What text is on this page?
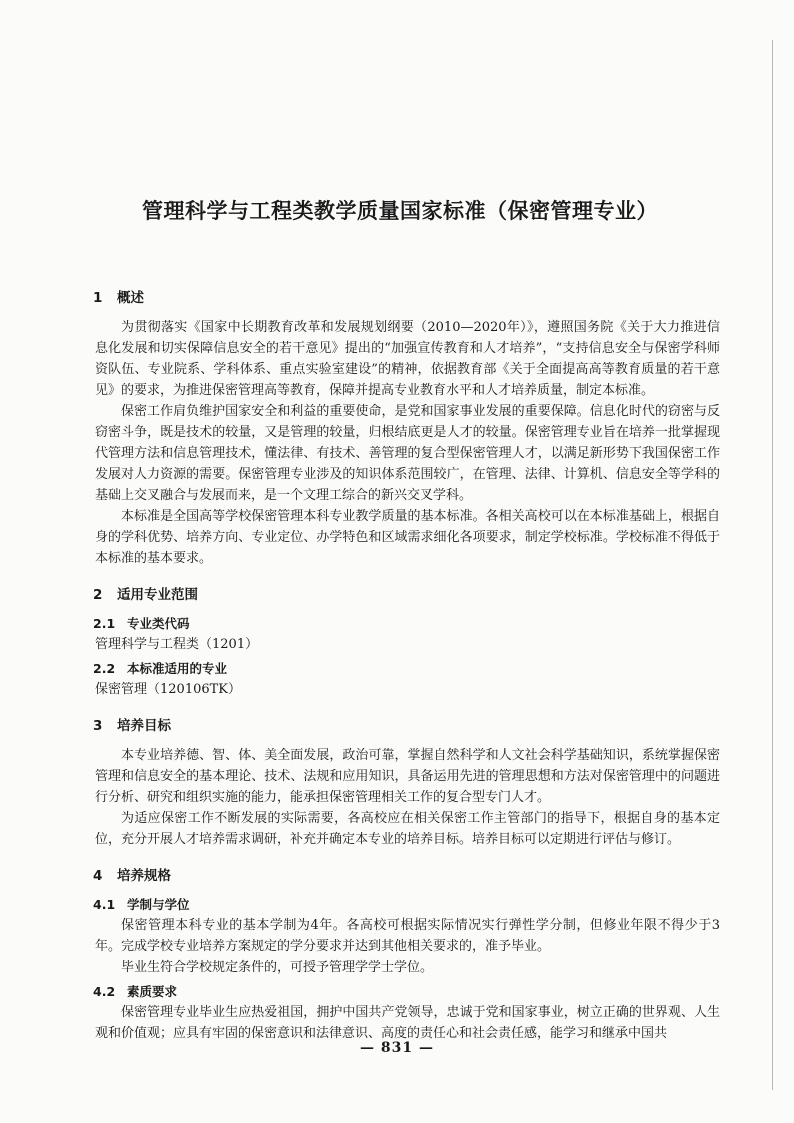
管理科学与工程类教学质量国家标准（保密管理专业）
1 概述

为贯彻落实《国家中长期教育改革和发展规划纲要（2010—2020年）》，遵照国务院《关于大力推进信息化发展和切实保障信息安全的若干意见》提出的“加强宣传教育和人才培养”，“支持信息安全与保密学科师资队伍、专业院系、学科体系、重点实验室建设”的精神，依据教育部《关于全面提高高等教育质量的若干意见》的要求，为推进保密管理高等教育，保障并提高专业教育水平和人才培养质量，制定本标准。

保密工作肩负维护国家安全和利益的重要使命，是党和国家事业发展的重要保障。信息化时代的窃密与反窃密斗争，既是技术的较量，又是管理的较量，归根结底更是人才的较量。保密管理专业旨在培养一批掌握现代管理方法和信息管理技术，懂法律、有技术、善管理的复合型保密管理人才，以满足新形势下我国保密工作发展对人力资源的需要。保密管理专业涉及的知识体系范围较广，在管理、法律、计算机、信息安全等学科的基础上交叉融合与发展而来，是一个文理工综合的新兴交叉学科。

本标准是全国高等学校保密管理本科专业教学质量的基本标准。各相关高校可以在本标准基础上，根据自身的学科优势、培养方向、专业定位、办学特色和区域需求细化各项要求，制定学校标准。学校标准不得低于本标准的基本要求。

2 适用专业范围
2.1 专业类代码

管理科学与工程类（1201）

2.2 本标准适用的专业

保密管理（120106TK）

3 培养目标

本专业培养德、智、体、美全面发展，政治可靠，掌握自然科学和人文社会科学基础知识，系统掌握保密管理和信息安全的基本理论、技术、法规和应用知识，具备运用先进的管理思想和方法对保密管理中的问题进行分析、研究和组织实施的能力，能承担保密管理相关工作的复合型专门人才。

为适应保密工作不断发展的实际需要，各高校应在相关保密工作主管部门的指导下，根据自身的基本定位，充分开展人才培养需求调研，补充并确定本专业的培养目标。培养目标可以定期进行评估与修订。

4 培养规格
4.1 学制与学位

保密管理本科专业的基本学制为4年。各高校可根据实际情况实行弹性学分制，但修业年限不得少于3年。完成学校专业培养方案规定的学分要求并达到其他相关要求的，准予毕业。

毕业生符合学校规定条件的，可授予管理学学士学位。

4.2 素质要求

保密管理专业毕业生应热爱祖国，拥护中国共产党领导，忠诚于党和国家事业，树立正确的世界观、人生观和价值观；应具有牢固的保密意识和法律意识、高度的责任心和社会责任感，能学习和继承中国共

— 831 —
